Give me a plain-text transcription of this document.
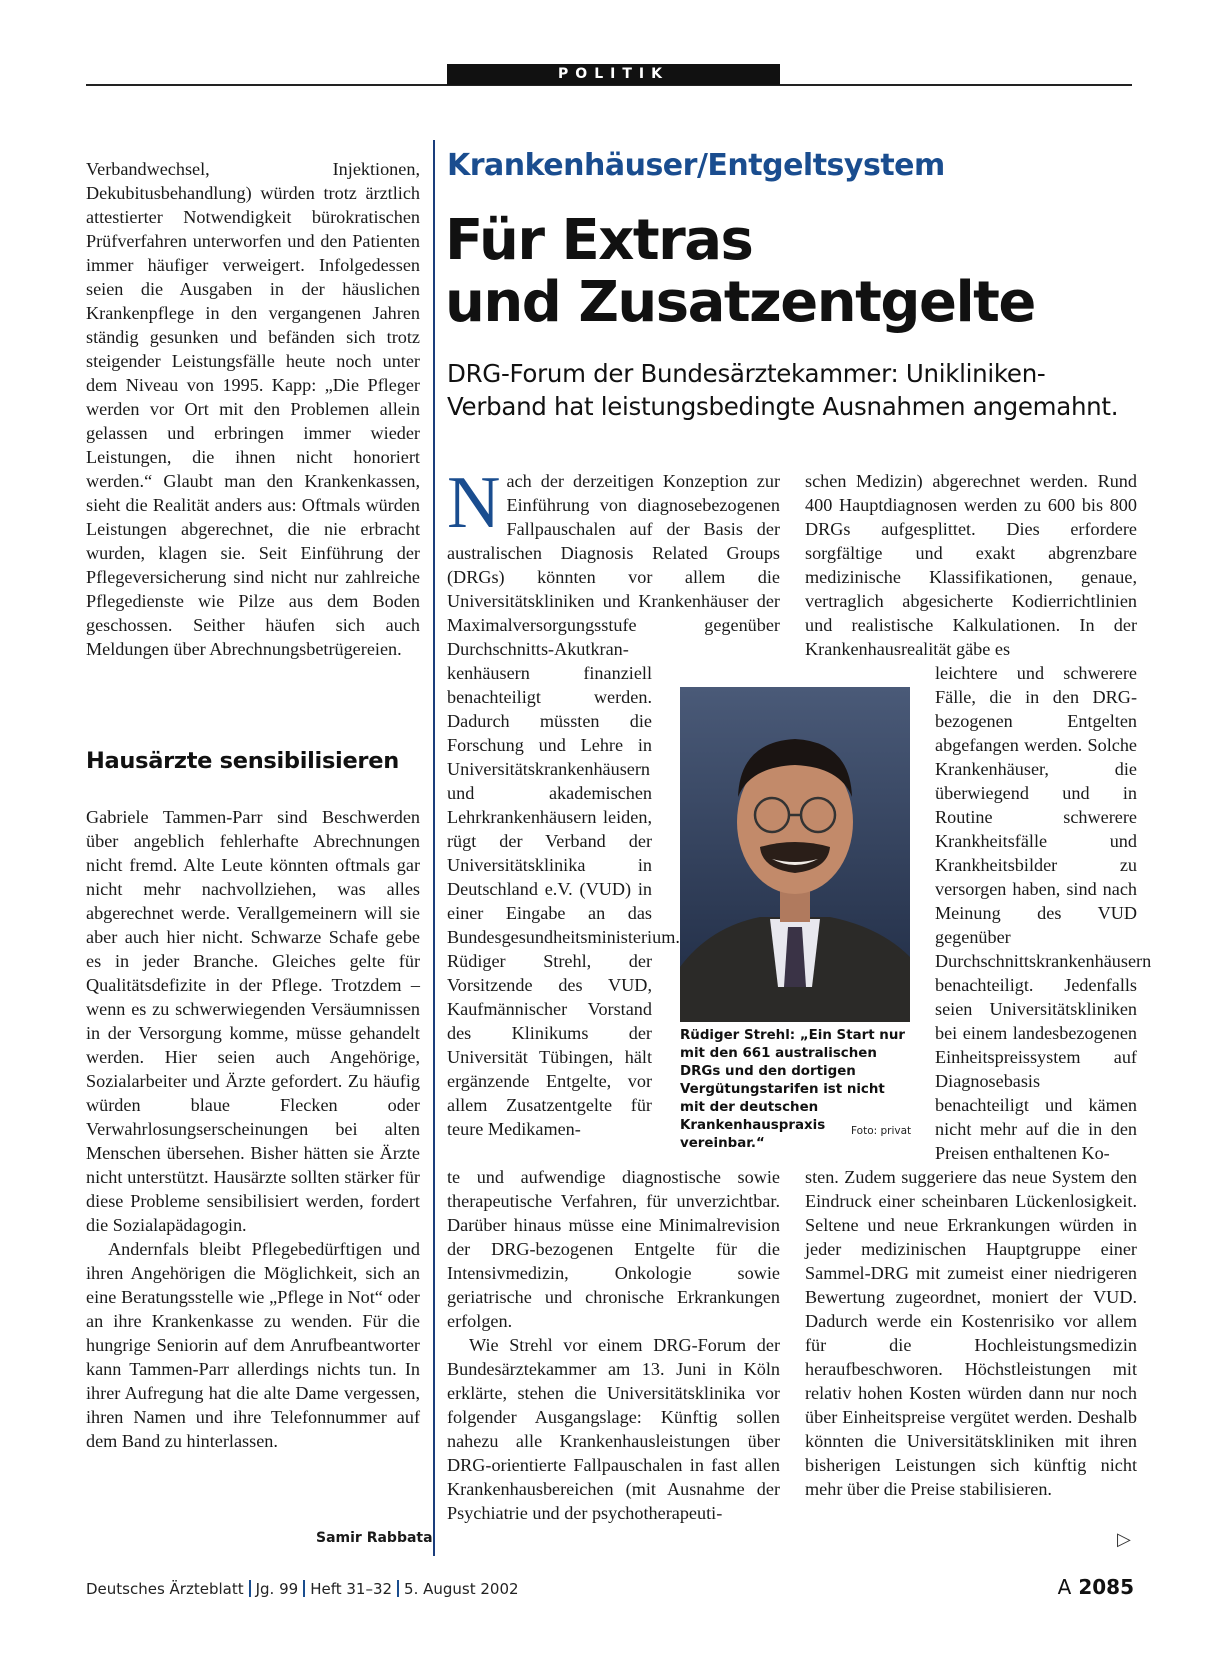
POLITIK

Verbandwechsel, Injektionen, Dekubitusbehandlung) würden trotz ärztlich attestierter Notwendigkeit bürokratischen Prüfverfahren unterworfen und den Patienten immer häufiger verweigert. Infolgedessen seien die Ausgaben in der häuslichen Krankenpflege in den vergangenen Jahren ständig gesunken und befänden sich trotz steigender Leistungsfälle heute noch unter dem Niveau von 1995. Kapp: „Die Pfleger werden vor Ort mit den Problemen allein gelassen und erbringen immer wieder Leistungen, die ihnen nicht honoriert werden.“ Glaubt man den Krankenkassen, sieht die Realität anders aus: Oftmals würden Leistungen abgerechnet, die nie erbracht wurden, klagen sie. Seit Einführung der Pflegeversicherung sind nicht nur zahlreiche Pflegedienste wie Pilze aus dem Boden geschossen. Seither häufen sich auch Meldungen über Abrechnungsbetrügereien.

Hausärzte sensibilisieren

Gabriele Tammen-Parr sind Beschwerden über angeblich fehlerhafte Abrechnungen nicht fremd. Alte Leute könnten oftmals gar nicht mehr nachvollziehen, was alles abgerechnet werde. Verallgemeinern will sie aber auch hier nicht. Schwarze Schafe gebe es in jeder Branche. Gleiches gelte für Qualitätsdefizite in der Pflege. Trotzdem – wenn es zu schwerwiegenden Versäumnissen in der Versorgung komme, müsse gehandelt werden. Hier seien auch Angehörige, Sozialarbeiter und Ärzte gefordert. Zu häufig würden blaue Flecken oder Verwahrlosungserscheinungen bei alten Menschen übersehen. Bisher hätten sie Ärzte nicht unterstützt. Hausärzte sollten stärker für diese Probleme sensibilisiert werden, fordert die Sozialapädagogin.

Andernfals bleibt Pflegebedürftigen und ihren Angehörigen die Möglichkeit, sich an eine Beratungsstelle wie „Pflege in Not“ oder an ihre Krankenkasse zu wenden. Für die hungrige Seniorin auf dem Anrufbeantworter kann Tammen-Parr allerdings nichts tun. In ihrer Aufregung hat die alte Dame vergessen, ihren Namen und ihre Telefonnummer auf dem Band zu hinterlassen.

Samir Rabbata
Krankenhäuser/Entgeltsystem
Für Extras
und Zusatzentgelte
DRG-Forum der Bundesärztekammer: Unikliniken-Verband hat leistungsbedingte Ausnahmen angemahnt.
N ach der derzeitigen Konzeption zur Einführung von diagnosebezogenen Fallpauschalen auf der Basis der australischen Diagnosis Related Groups (DRGs) könnten vor allem die Universitätskliniken und Krankenhäuser der Maximalversorgungsstufe gegenüber Durchschnitts-Akutkran-

kenhäusern finanziell benachteiligt werden. Dadurch müssten die Forschung und Lehre in Universitätskrankenhäusern und akademischen Lehrkrankenhäusern leiden, rügt der Verband der Universitätsklinika in Deutschland e.V. (VUD) in einer Eingabe an das Bundesgesundheitsministerium. Rüdiger Strehl, der Vorsitzende des VUD, Kaufmännischer Vorstand des Klinikums der Universität Tübingen, hält ergänzende Entgelte, vor allem Zusatzentgelte für teure Medikamen-

te und aufwendige diagnostische sowie therapeutische Verfahren, für unverzichtbar. Darüber hinaus müsse eine Minimalrevision der DRG-bezogenen Entgelte für die Intensivmedizin, Onkologie sowie geriatrische und chronische Erkrankungen erfolgen.

Wie Strehl vor einem DRG-Forum der Bundesärztekammer am 13. Juni in Köln erklärte, stehen die Universitätsklinika vor folgender Ausgangslage: Künftig sollen nahezu alle Krankenhausleistungen über DRG-orientierte Fallpauschalen in fast allen Krankenhausbereichen (mit Ausnahme der Psychiatrie und der psychotherapeuti-

schen Medizin) abgerechnet werden. Rund 400 Hauptdiagnosen werden zu 600 bis 800 DRGs aufgesplittet. Dies erfordere sorgfältige und exakt abgrenzbare medizinische Klassifikationen, genaue, vertraglich abgesicherte Kodierrichtlinien und realistische Kalkulationen. In der Krankenhausrealität gäbe es

leichtere und schwerere Fälle, die in den DRG-bezogenen Entgelten abgefangen werden. Solche Krankenhäuser, die überwiegend und in Routine schwerere Krankheitsfälle und Krankheitsbilder zu versorgen haben, sind nach Meinung des VUD gegenüber Durchschnittskrankenhäusern benachteiligt. Jedenfalls seien Universitätskliniken bei einem landesbezogenen Einheitspreissystem auf Diagnosebasis benachteiligt und kämen nicht mehr auf die in den Preisen enthaltenen Ko-

sten. Zudem suggeriere das neue System den Eindruck einer scheinbaren Lückenlosigkeit. Seltene und neue Erkrankungen würden in jeder medizinischen Hauptgruppe einer Sammel-DRG mit zumeist einer niedrigeren Bewertung zugeordnet, moniert der VUD. Dadurch werde ein Kostenrisiko vor allem für die Hochleistungsmedizin heraufbeschworen. Höchstleistungen mit relativ hohen Kosten würden dann nur noch über Einheitspreise vergütet werden. Deshalb könnten die Universitätskliniken mit ihren bisherigen Leistungen sich künftig nicht mehr über die Preise stabilisieren.

▷
Rüdiger Strehl: „Ein Start nur mit den 661 australischen DRGs und den dortigen Vergütungstarifen ist nicht mit der deutschen Krankenhauspraxis vereinbar.“
Foto: privat
Deutsches Ärzteblatt Jg. 99 Heft 31–32 5. August 2002	A 2085
